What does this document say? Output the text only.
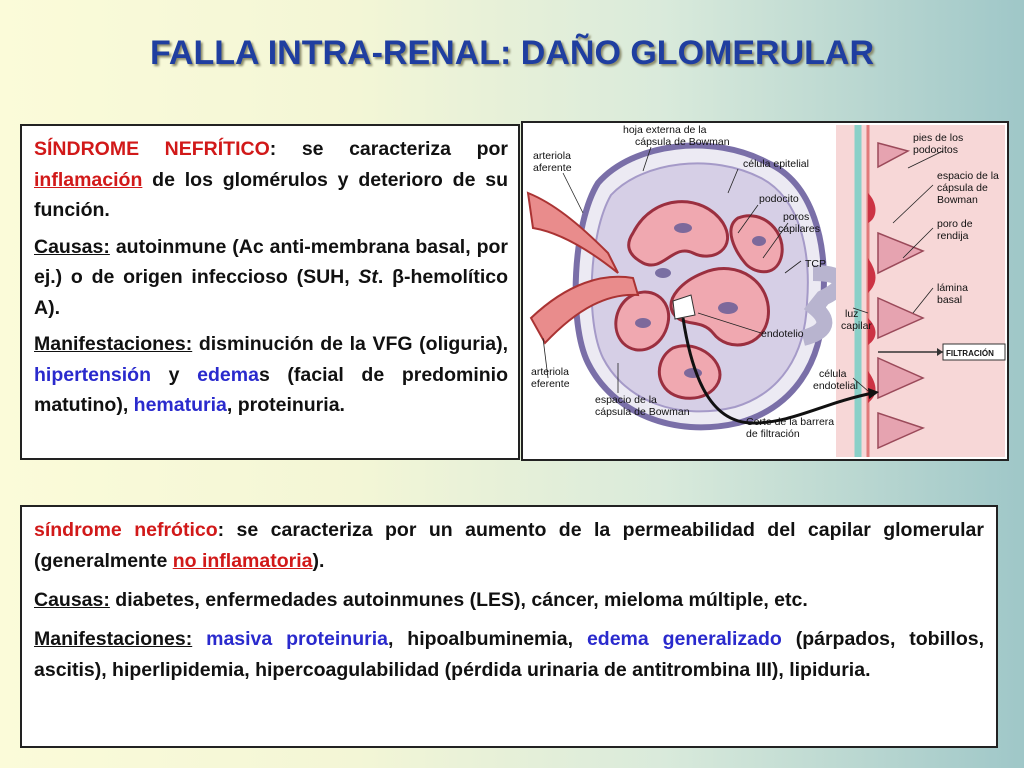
FALLA INTRA-RENAL: DAÑO GLOMERULAR

SÍNDROME NEFRÍTICO: se caracteriza por inflamación de los glomérulos y deterioro de su función.

Causas: autoinmune (Ac anti-membrana basal, por ej.) o de origen infeccioso (SUH, St. β-hemolítico A).

Manifestaciones: disminución de la VFG (oliguria), hipertensión y edemas (facial de predominio matutino), hematuria, proteinuria.

hoja externa de la
cápsula de Bowman
arteriola
aferente	célula epitelial
podocito
poros
capilares
TCP
endotelio
arteriola
eferente
espacio de la
cápsula de Bowman
Corte de la barrera
de filtración
pies de los
podocitos
espacio de la
cápsula de
Bowman
poro de
rendija
lámina
basal
luz
capilar
FILTRACIÓN
célula
endotelial

síndrome nefrótico: se caracteriza por un aumento de la permeabilidad del capilar glomerular (generalmente no inflamatoria).

Causas: diabetes, enfermedades autoinmunes (LES), cáncer, mieloma múltiple, etc.

Manifestaciones: masiva proteinuria, hipoalbuminemia, edema generalizado (párpados, tobillos, ascitis), hiperlipidemia, hipercoagulabilidad (pérdida urinaria de antitrombina III), lipiduria.
